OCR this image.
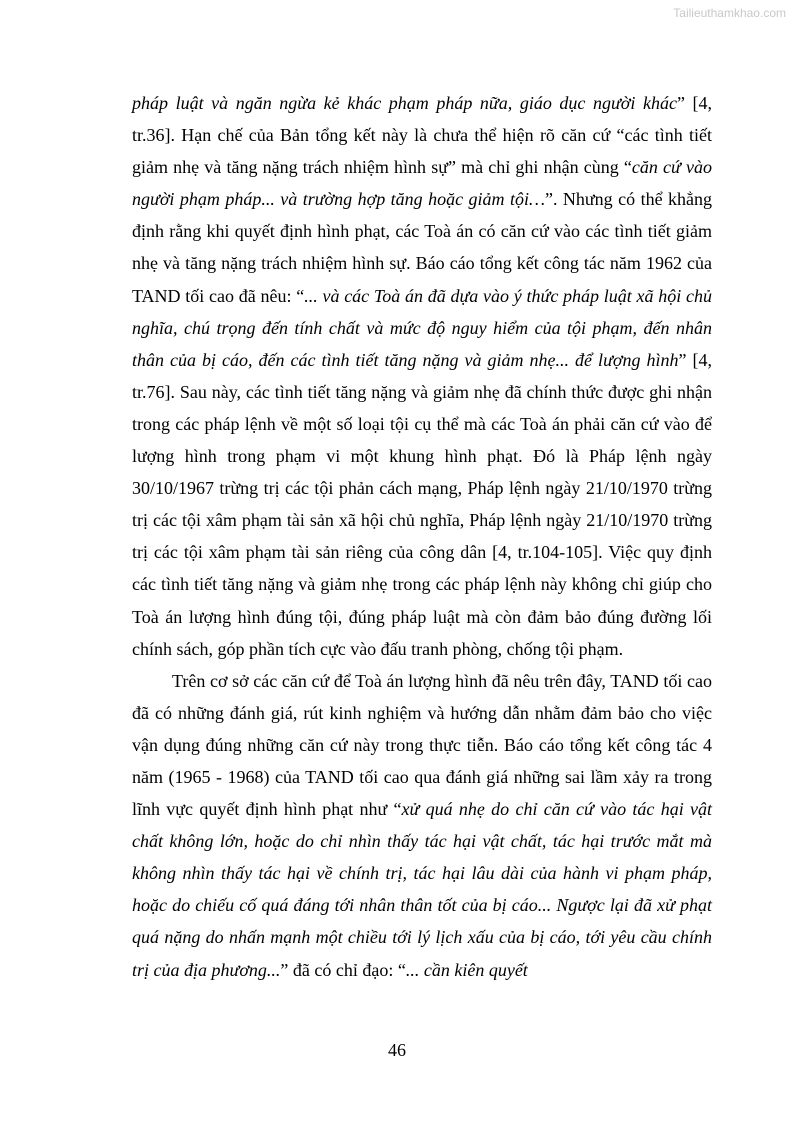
Tailieuthamkhao.com

pháp luật và ngăn ngừa kẻ khác phạm pháp nữa, giáo dục người khác” [4, tr.36]. Hạn chế của Bản tổng kết này là chưa thể hiện rõ căn cứ “các tình tiết giảm nhẹ và tăng nặng trách nhiệm hình sự” mà chỉ ghi nhận cùng “căn cứ vào người phạm pháp... và trường hợp tăng hoặc giảm tội…”. Nhưng có thể khẳng định rằng khi quyết định hình phạt, các Toà án có căn cứ vào các tình tiết giảm nhẹ và tăng nặng trách nhiệm hình sự. Báo cáo tổng kết công tác năm 1962 của TAND tối cao đã nêu: “... và các Toà án đã dựa vào ý thức pháp luật xã hội chủ nghĩa, chú trọng đến tính chất và mức độ nguy hiểm của tội phạm, đến nhân thân của bị cáo, đến các tình tiết tăng nặng và giảm nhẹ... để lượng hình” [4, tr.76]. Sau này, các tình tiết tăng nặng và giảm nhẹ đã chính thức được ghi nhận trong các pháp lệnh về một số loại tội cụ thể mà các Toà án phải căn cứ vào để lượng hình trong phạm vi một khung hình phạt. Đó là Pháp lệnh ngày 30/10/1967 trừng trị các tội phản cách mạng, Pháp lệnh ngày 21/10/1970 trừng trị các tội xâm phạm tài sản xã hội chủ nghĩa, Pháp lệnh ngày 21/10/1970 trừng trị các tội xâm phạm tài sản riêng của công dân [4, tr.104-105]. Việc quy định các tình tiết tăng nặng và giảm nhẹ trong các pháp lệnh này không chỉ giúp cho Toà án lượng hình đúng tội, đúng pháp luật mà còn đảm bảo đúng đường lối chính sách, góp phần tích cực vào đấu tranh phòng, chống tội phạm.

Trên cơ sở các căn cứ để Toà án lượng hình đã nêu trên đây, TAND tối cao đã có những đánh giá, rút kinh nghiệm và hướng dẫn nhằm đảm bảo cho việc vận dụng đúng những căn cứ này trong thực tiễn. Báo cáo tổng kết công tác 4 năm (1965 - 1968) của TAND tối cao qua đánh giá những sai lầm xảy ra trong lĩnh vực quyết định hình phạt như “xử quá nhẹ do chỉ căn cứ vào tác hại vật chất không lớn, hoặc do chỉ nhìn thấy tác hại vật chất, tác hại trước mắt mà không nhìn thấy tác hại về chính trị, tác hại lâu dài của hành vi phạm pháp, hoặc do chiếu cố quá đáng tới nhân thân tốt của bị cáo... Ngược lại đã xử phạt quá nặng do nhấn mạnh một chiều tới lý lịch xấu của bị cáo, tới yêu cầu chính trị của địa phương...” đã có chỉ đạo: “... cần kiên quyết

46
